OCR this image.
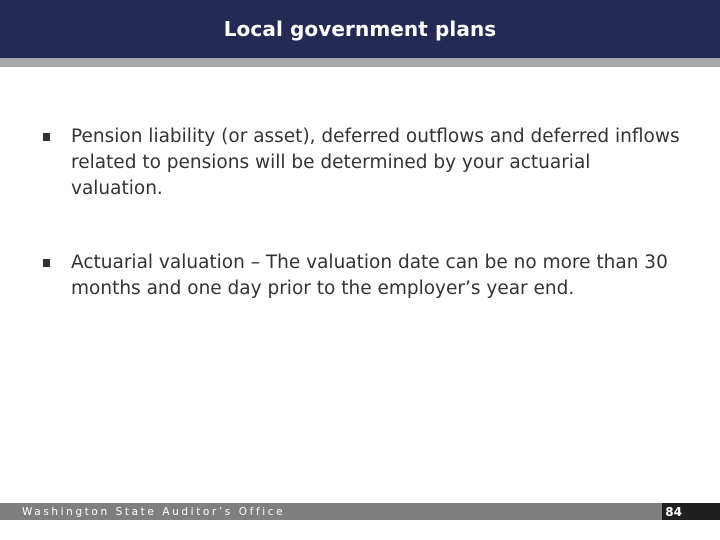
Local government plans
Pension liability (or asset), deferred outflows and deferred inflows related to pensions will be determined by your actuarial valuation.
Actuarial valuation – The valuation date can be no more than 30 months and one day prior to the employer’s year end.
Washington State Auditor’s Office	84
